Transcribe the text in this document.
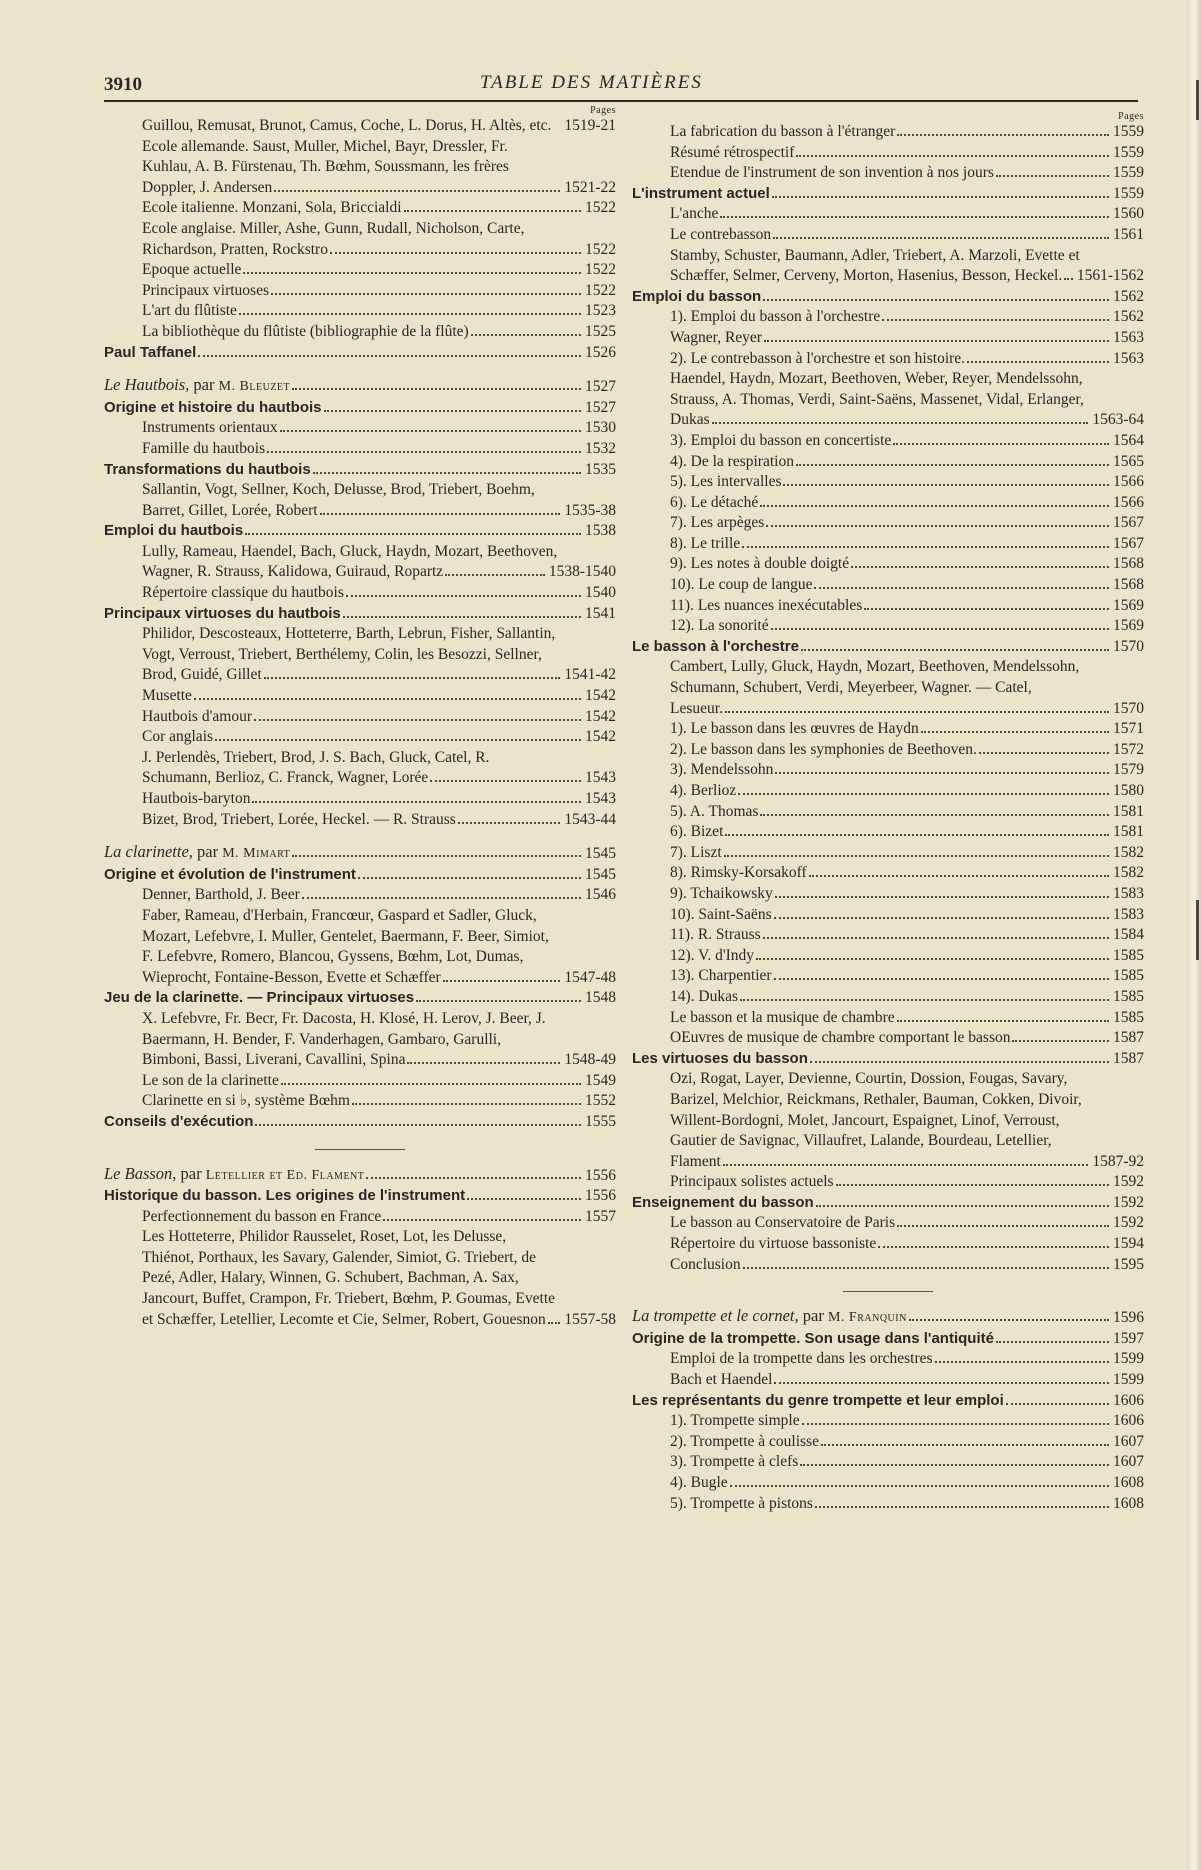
3910	TABLE DES MATIÈRES
Pages
Guillou, Remusat, Brunot, Camus, Coche, L. Dorus, H. Altès, etc. 1519-21
Ecole allemande. Saust, Muller, Michel, Bayr, Dressler, Fr. Kuhlau, A. B. Fürstenau, Th. Bœhm, Soussmann, les frères Doppler, J. Andersen	1521-22
Ecole italienne. Monzani, Sola, Briccialdi	1522
Ecole anglaise. Miller, Ashe, Gunn, Rudall, Nicholson, Carte, Richardson, Pratten, Rockstro	1522
Epoque actuelle	1522
Principaux virtuoses	1522
L'art du flûtiste	1523
La bibliothèque du flûtiste (bibliographie de la flûte)	1525
Paul Taffanel	1526
Le Hautbois, par M. Bleuzet	1527
Origine et histoire du hautbois	1527
Instruments orientaux	1530
Famille du hautbois	1532
Transformations du hautbois	1535
Sallantin, Vogt, Sellner, Koch, Delusse, Brod, Triebert, Boehm, Barret, Gillet, Lorée, Robert	1535-38
Emploi du hautbois	1538
Lully, Rameau, Haendel, Bach, Gluck, Haydn, Mozart, Beethoven, Wagner, R. Strauss, Kalidowa, Guiraud, Ropartz	1538-1540
Répertoire classique du hautbois	1540
Principaux virtuoses du hautbois	1541
Philidor, Descosteaux, Hotteterre, Barth, Lebrun, Fisher, Sallantin, Vogt, Verroust, Triebert, Berthélemy, Colin, les Besozzi, Sellner, Brod, Guidé, Gillet	1541-42
Musette	1542
Hautbois d'amour	1542
Cor anglais	1542
J. Perlendès, Triebert, Brod, J. S. Bach, Gluck, Catel, R. Schumann, Berlioz, C. Franck, Wagner, Lorée	1543
Hautbois-baryton	1543
Bizet, Brod, Triebert, Lorée, Heckel. — R. Strauss	1543-44
La clarinette, par M. Mimart	1545
Origine et évolution de l'instrument	1545
Denner, Barthold, J. Beer	1546
Faber, Rameau, d'Herbain, Francœur, Gaspard et Sadler, Gluck, Mozart, Lefebvre, I. Muller, Gentelet, Baermann, F. Beer, Simiot, F. Lefebvre, Romero, Blancou, Gyssens, Bœhm, Lot, Dumas, Wieprocht, Fontaine-Besson, Evette et Schæffer	1547-48
Jeu de la clarinette. — Principaux virtuoses	1548
X. Lefebvre, Fr. Becr, Fr. Dacosta, H. Klosé, H. Lerov, J. Beer, J. Baermann, H. Bender, F. Vanderhagen, Gambaro, Garulli, Bimboni, Bassi, Liverani, Cavallini, Spina	1548-49
Le son de la clarinette	1549
Clarinette en si ♭, système Bœhm	1552
Conseils d'exécution	1555
Le Basson, par Letellier et Ed. Flament	1556
Historique du basson. Les origines de l'instrument	1556
Perfectionnement du basson en France	1557
Les Hotteterre, Philidor Rausselet, Roset, Lot, les Delusse, Thiénot, Porthaux, les Savary, Galender, Simiot, G. Triebert, de Pezé, Adler, Halary, Winnen, G. Schubert, Bachman, A. Sax, Jancourt, Buffet, Crampon, Fr. Triebert, Bœhm, P. Goumas, Evette et Schæffer, Letellier, Lecomte et Cie, Selmer, Robert, Gouesnon	1557-58
Pages
La fabrication du basson à l'étranger	1559
Résumé rétrospectif	1559
Etendue de l'instrument de son invention à nos jours	1559
L'instrument actuel	1559
L'anche	1560
Le contrebasson	1561
Stamby, Schuster, Baumann, Adler, Triebert, A. Marzoli, Evette et Schæffer, Selmer, Cerveny, Morton, Hasenius, Besson, Heckel. 1561-1562
Emploi du basson	1562
1). Emploi du basson à l'orchestre	1562
Wagner, Reyer	1563
2). Le contrebasson à l'orchestre et son histoire.	1563
Haendel, Haydn, Mozart, Beethoven, Weber, Reyer, Mendelssohn, Strauss, A. Thomas, Verdi, Saint-Saëns, Massenet, Vidal, Erlanger, Dukas	1563-64
3). Emploi du basson en concertiste	1564
4). De la respiration	1565
5). Les intervalles	1566
6). Le détaché	1566
7). Les arpèges	1567
8). Le trille	1567
9). Les notes à double doigté	1568
10). Le coup de langue	1568
11). Les nuances inexécutables	1569
12). La sonorité	1569
Le basson à l'orchestre	1570
Cambert, Lully, Gluck, Haydn, Mozart, Beethoven, Mendelssohn, Schumann, Schubert, Verdi, Meyerbeer, Wagner. — Catel, Lesueur.	1570
1). Le basson dans les œuvres de Haydn	1571
2). Le basson dans les symphonies de Beethoven.	1572
3). Mendelssohn	1579
4). Berlioz	1580
5). A. Thomas	1581
6). Bizet	1581
7). Liszt	1582
8). Rimsky-Korsakoff	1582
9). Tchaikowsky	1583
10). Saint-Saëns	1583
11). R. Strauss	1584
12). V. d'Indy	1585
13). Charpentier	1585
14). Dukas	1585
Le basson et la musique de chambre	1585
OEuvres de musique de chambre comportant le basson	1587
Les virtuoses du basson	1587
Ozi, Rogat, Layer, Devienne, Courtin, Dossion, Fougas, Savary, Barizel, Melchior, Reickmans, Rethaler, Bauman, Cokken, Divoir, Willent-Bordogni, Molet, Jancourt, Espaignet, Linof, Verroust, Gautier de Savignac, Villaufret, Lalande, Bourdeau, Letellier, Flament	1587-92
Principaux solistes actuels	1592
Enseignement du basson	1592
Le basson au Conservatoire de Paris	1592
Répertoire du virtuose bassoniste	1594
Conclusion	1595
La trompette et le cornet, par M. Franquin	1596
Origine de la trompette. Son usage dans l'antiquité	1597
Emploi de la trompette dans les orchestres	1599
Bach et Haendel	1599
Les représentants du genre trompette et leur emploi	1606
1). Trompette simple	1606
2). Trompette à coulisse	1607
3). Trompette à clefs	1607
4). Bugle	1608
5). Trompette à pistons	1608
